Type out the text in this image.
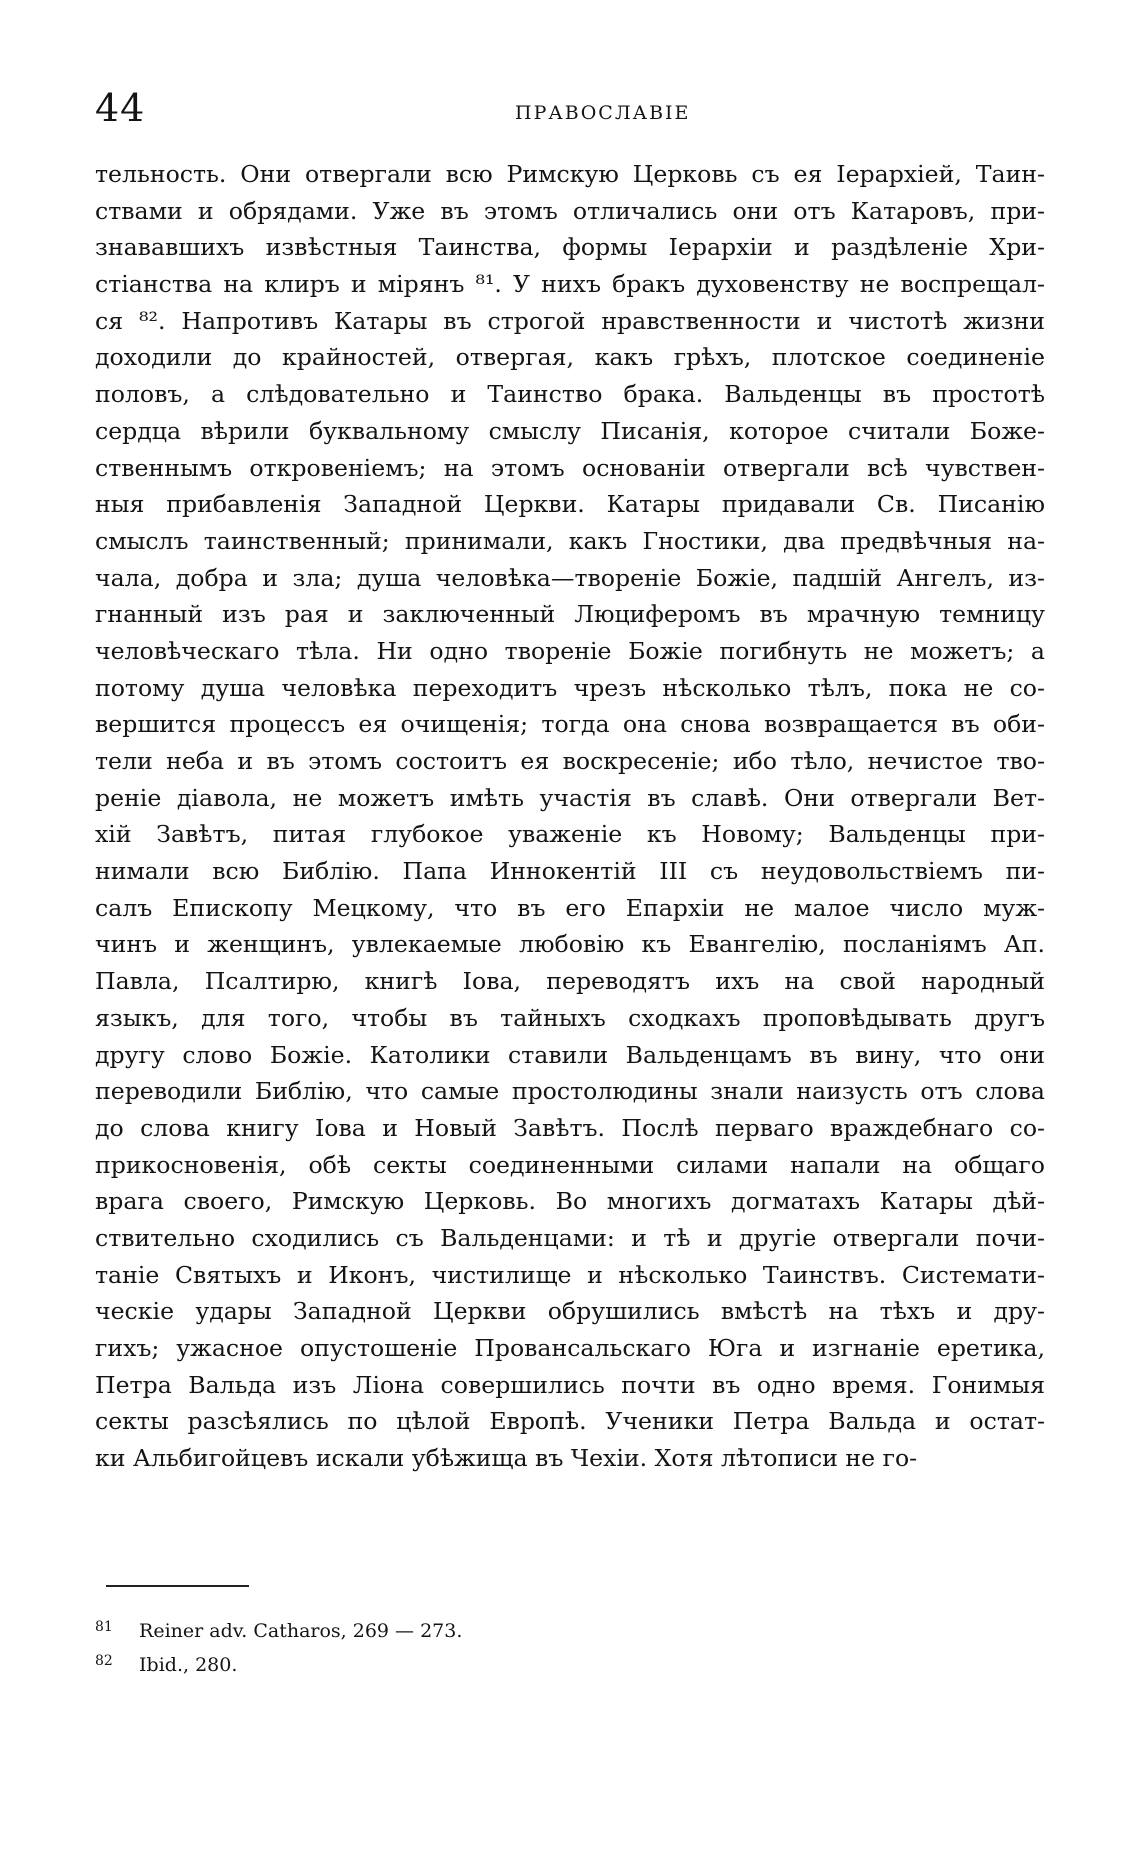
44	ПРАВОСЛАВІЕ
тельность. Они отвергали всю Римскую Церковь съ ея Іерархіей, Таин-
ствами и обрядами. Уже въ этомъ отличались они отъ Катаровъ, при-
знававшихъ извѣстныя Таинства, формы Іерархіи и раздѣленіе Хри-
стіанства на клиръ и мірянъ ⁸¹. У нихъ бракъ духовенству не воспрещал-
ся ⁸². Напротивъ Катары въ строгой нравственности и чистотѣ жизни
доходили до крайностей, отвергая, какъ грѣхъ, плотское соединеніе
половъ, а слѣдовательно и Таинство брака. Вальденцы въ простотѣ
сердца вѣрили буквальному смыслу Писанія, которое считали Боже-
ственнымъ откровеніемъ; на этомъ основаніи отвергали всѣ чувствен-
ныя прибавленія Западной Церкви. Катары придавали Св. Писанію
смыслъ таинственный; принимали, какъ Гностики, два предвѣчныя на-
чала, добра и зла; душа человѣка—твореніе Божіе, падшій Ангелъ, из-
гнанный изъ рая и заключенный Люциферомъ въ мрачную темницу
человѣческаго тѣла. Ни одно твореніе Божіе погибнуть не можетъ; а
потому душа человѣка переходитъ чрезъ нѣсколько тѣлъ, пока не со-
вершится процессъ ея очищенія; тогда она снова возвращается въ оби-
тели неба и въ этомъ состоитъ ея воскресеніе; ибо тѣло, нечистое тво-
реніе діавола, не можетъ имѣть участія въ славѣ. Они отвергали Вет-
хій Завѣтъ, питая глубокое уваженіе къ Новому; Вальденцы при-
нимали всю Библію. Папа Иннокентій III съ неудовольствіемъ пи-
салъ Епископу Мецкому, что въ его Епархіи не малое число муж-
чинъ и женщинъ, увлекаемые любовію къ Евангелію, посланіямъ Ап.
Павла, Псалтирю, книгѣ Іова, переводятъ ихъ на свой народный
языкъ, для того, чтобы въ тайныхъ сходкахъ проповѣдывать другъ
другу слово Божіе. Католики ставили Вальденцамъ въ вину, что они
переводили Библію, что самые простолюдины знали наизусть отъ слова
до слова книгу Іова и Новый Завѣтъ. Послѣ перваго враждебнаго со-
прикосновенія, обѣ секты соединенными силами напали на общаго
врага своего, Римскую Церковь. Во многихъ догматахъ Катары дѣй-
ствительно сходились съ Вальденцами: и тѣ и другіе отвергали почи-
таніе Святыхъ и Иконъ, чистилище и нѣсколько Таинствъ. Системати-
ческіе удары Западной Церкви обрушились вмѣстѣ на тѣхъ и дру-
гихъ; ужасное опустошеніе Провансальскаго Юга и изгнаніе еретика,
Петра Вальда изъ Ліона совершились почти въ одно время. Гонимыя
секты разсѣялись по цѣлой Европѣ. Ученики Петра Вальда и остат-
ки Альбигойцевъ искали убѣжища въ Чехіи. Хотя лѣтописи не го-
81 Reiner adv. Catharos, 269 — 273.
82 Ibid., 280.
